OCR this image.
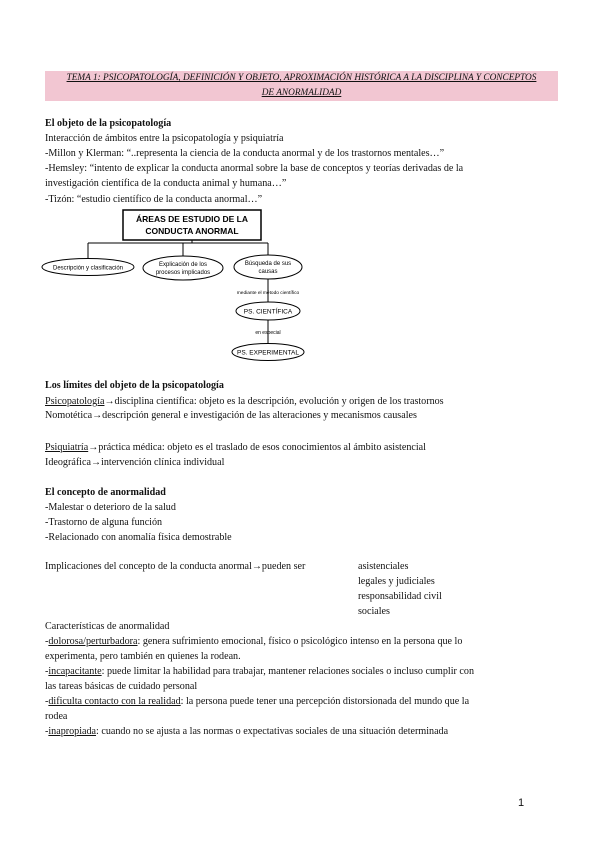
TEMA 1: PSICOPATOLOGÍA, DEFINICIÓN Y OBJETO, APROXIMACIÓN HISTÓRICA A LA DISCIPLINA Y CONCEPTOS
DE ANORMALIDAD
El objeto de la psicopatología
Interacción de ámbitos entre la psicopatología y psiquiatría
-Millon y Klerman: “..representa la ciencia de la conducta anormal y de los trastornos mentales…”
-Hemsley: “intento de explicar la conducta anormal sobre la base de conceptos y teorías derivadas de la
investigación científica de la conducta animal y humana…”
-Tizón: “estudio científico de la conducta anormal…”
ÁREAS DE ESTUDIO DE LA
CONDUCTA ANORMAL
Descripción y clasificación
Explicación de los
procesos implicados
Búsqueda de sus
causas
mediante el método científico
PS. CIENTÍFICA
en especial
PS. EXPERIMENTAL
Los límites del objeto de la psicopatología
Psicopatología→disciplina científica: objeto es la descripción, evolución y origen de los trastornos
Nomotética→descripción general e investigación de las alteraciones y mecanismos causales
Psiquiatría→práctica médica: objeto es el traslado de esos conocimientos al ámbito asistencial
Ideográfica→intervención clínica individual
El concepto de anormalidad
-Malestar o deterioro de la salud
-Trastorno de alguna función
-Relacionado con anomalía física demostrable
Implicaciones del concepto de la conducta anormal→pueden ser	asistenciales
legales y judiciales
responsabilidad civil
sociales
Características de anormalidad
-dolorosa/perturbadora: genera sufrimiento emocional, físico o psicológico intenso en la persona que lo
experimenta, pero también en quienes la rodean.
-incapacitante: puede limitar la habilidad para trabajar, mantener relaciones sociales o incluso cumplir con
las tareas básicas de cuidado personal
-dificulta contacto con la realidad: la persona puede tener una percepción distorsionada del mundo que la
rodea
-inapropiada: cuando no se ajusta a las normas o expectativas sociales de una situación determinada
1
